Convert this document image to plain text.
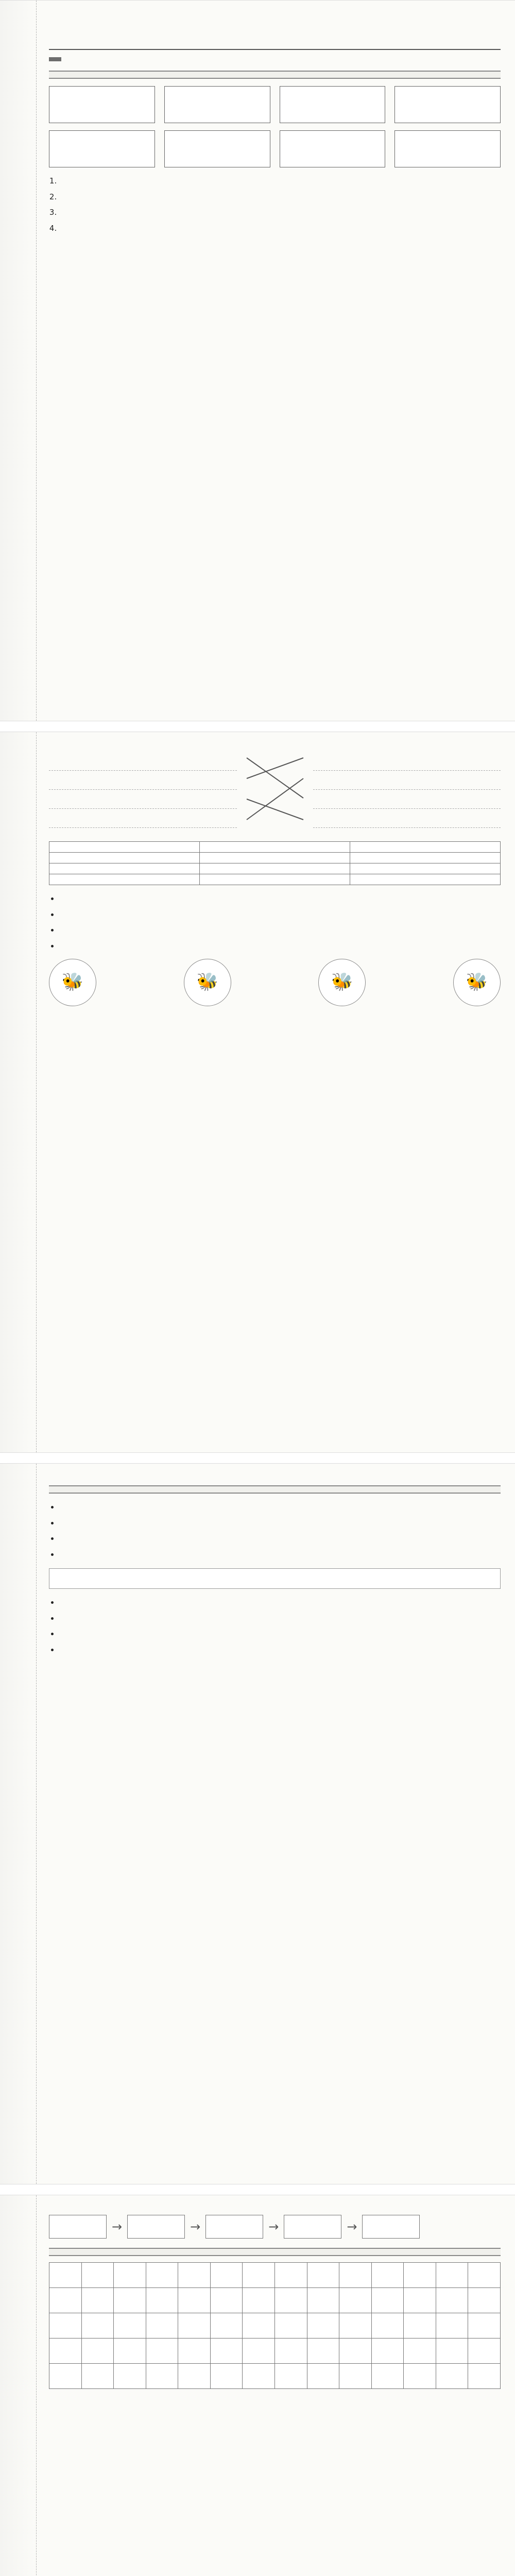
1.
2.
3.
4.

•
•
•
•
🐝	🐝	🐝	🐝
•
•
•
•

•
•
•
•
→	→	→	→
